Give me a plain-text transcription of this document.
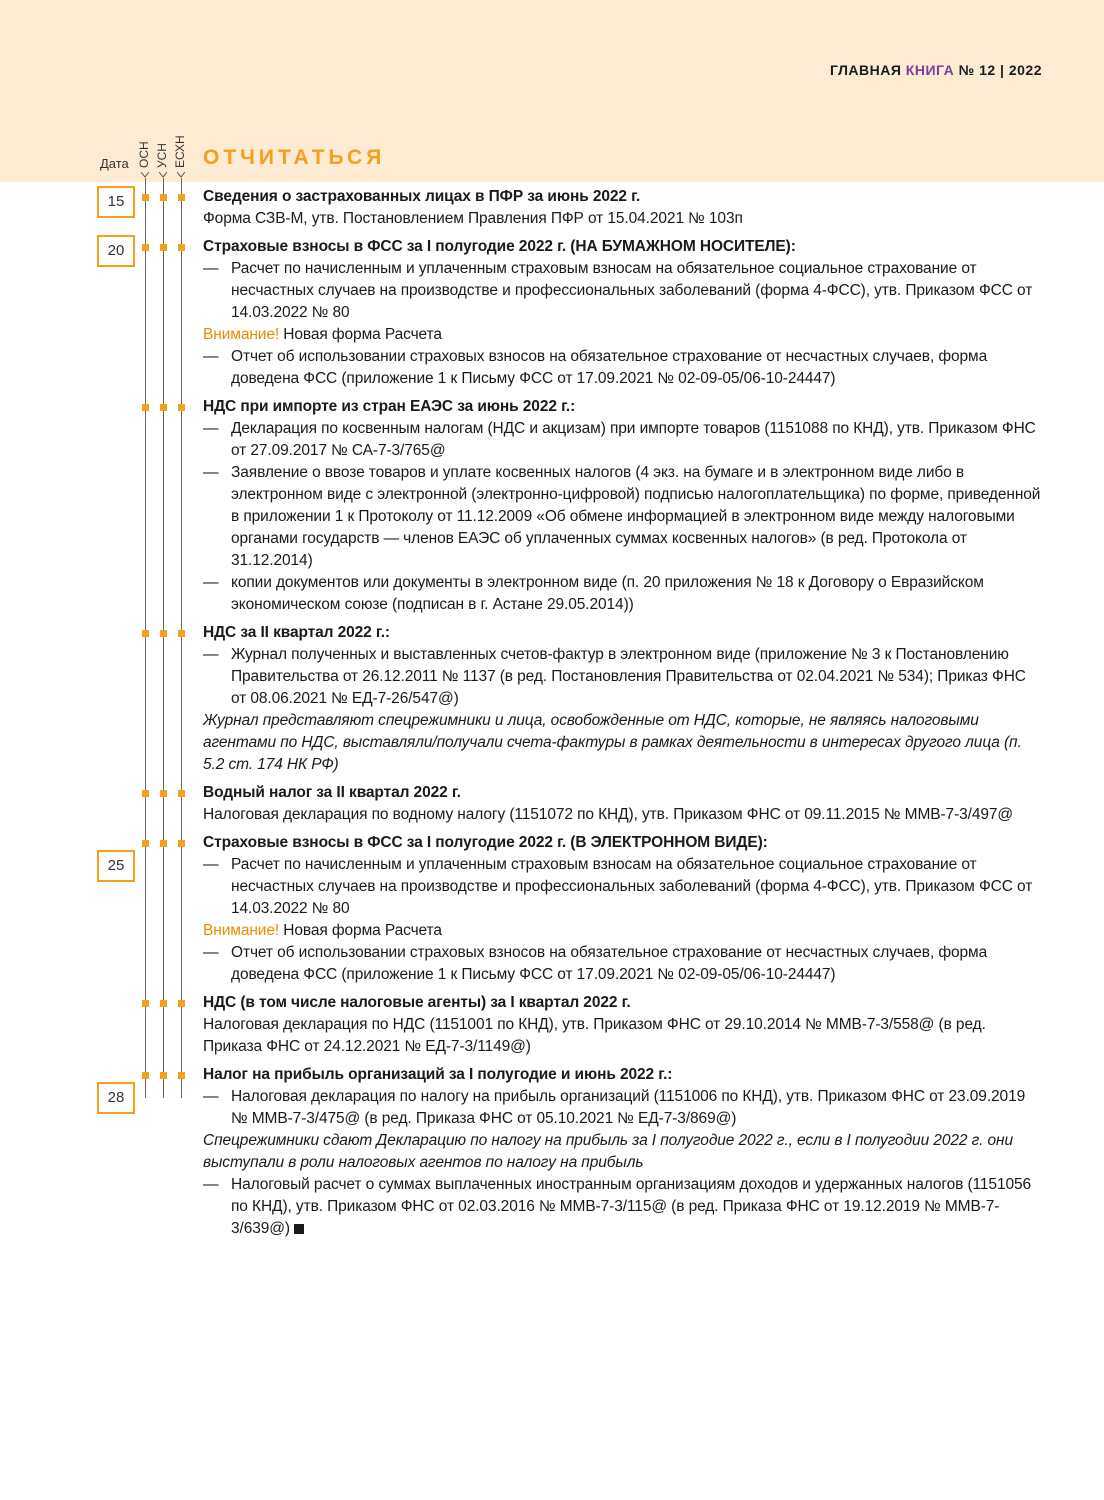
ГЛАВНАЯ КНИГА № 12 | 2022
Дата ОСН УСН ЕСХН ОТЧИТАТЬСЯ
15
20
25
28

Сведения о застрахованных лицах в ПФР за июнь 2022 г.

Форма СЗВ-М, утв. Постановлением Правления ПФР от 15.04.2021 № 103п

Страховые взносы в ФСС за I полугодие 2022 г. (НА БУМАЖНОМ НОСИТЕЛЕ):

— Расчет по начисленным и уплаченным страховым взносам на обязательное социальное страхование от несчастных случаев на производстве и профессиональных заболеваний (форма 4-ФСС), утв. Приказом ФСС от 14.03.2022 № 80

Внимание! Новая форма Расчета

— Отчет об использовании страховых взносов на обязательное страхование от несчастных случаев, форма доведена ФСС (приложение 1 к Письму ФСС от 17.09.2021 № 02-09-05/06-10-24447)

НДС при импорте из стран ЕАЭС за июнь 2022 г.:

— Декларация по косвенным налогам (НДС и акцизам) при импорте товаров (1151088 по КНД), утв. Приказом ФНС от 27.09.2017 № СА-7-3/765@

— Заявление о ввозе товаров и уплате косвенных налогов (4 экз. на бумаге и в электронном виде либо в электронном виде с электронной (электронно-цифровой) подписью налогоплательщика) по форме, приведенной в приложении 1 к Протоколу от 11.12.2009 «Об обмене информацией в электронном виде между налоговыми органами государств — членов ЕАЭС об уплаченных суммах косвенных налогов» (в ред. Протокола от 31.12.2014)

— копии документов или документы в электронном виде (п. 20 приложения № 18 к Договору о Евразийском экономическом союзе (подписан в г. Астане 29.05.2014))

НДС за II квартал 2022 г.:

— Журнал полученных и выставленных счетов-фактур в электронном виде (приложение № 3 к Постановлению Правительства от 26.12.2011 № 1137 (в ред. Постановления Правительства от 02.04.2021 № 534); Приказ ФНС от 08.06.2021 № ЕД-7-26/547@)

Журнал представляют спецрежимники и лица, освобожденные от НДС, которые, не являясь налоговыми агентами по НДС, выставляли/получали счета-фактуры в рамках деятельности в интересах другого лица (п. 5.2 ст. 174 НК РФ)

Водный налог за II квартал 2022 г.

Налоговая декларация по водному налогу (1151072 по КНД), утв. Приказом ФНС от 09.11.2015 № ММВ-7-3/497@

Страховые взносы в ФСС за I полугодие 2022 г. (В ЭЛЕКТРОННОМ ВИДЕ):

— Расчет по начисленным и уплаченным страховым взносам на обязательное социальное страхование от несчастных случаев на производстве и профессиональных заболеваний (форма 4-ФСС), утв. Приказом ФСС от 14.03.2022 № 80

Внимание! Новая форма Расчета

— Отчет об использовании страховых взносов на обязательное страхование от несчастных случаев, форма доведена ФСС (приложение 1 к Письму ФСС от 17.09.2021 № 02-09-05/06-10-24447)

НДС (в том числе налоговые агенты) за I квартал 2022 г.

Налоговая декларация по НДС (1151001 по КНД), утв. Приказом ФНС от 29.10.2014 № ММВ-7-3/558@ (в ред. Приказа ФНС от 24.12.2021 № ЕД-7-3/1149@)

Налог на прибыль организаций за I полугодие и июнь 2022 г.:

— Налоговая декларация по налогу на прибыль организаций (1151006 по КНД), утв. Приказом ФНС от 23.09.2019 № ММВ-7-3/475@ (в ред. Приказа ФНС от 05.10.2021 № ЕД-7-3/869@)

Спецрежимники сдают Декларацию по налогу на прибыль за I полугодие 2022 г., если в I полугодии 2022 г. они выступали в роли налоговых агентов по налогу на прибыль

— Налоговый расчет о суммах выплаченных иностранным организациям доходов и удержанных налогов (1151056 по КНД), утв. Приказом ФНС от 02.03.2016 № ММВ-7-3/115@ (в ред. Приказа ФНС от 19.12.2019 № ММВ-7-3/639@)
